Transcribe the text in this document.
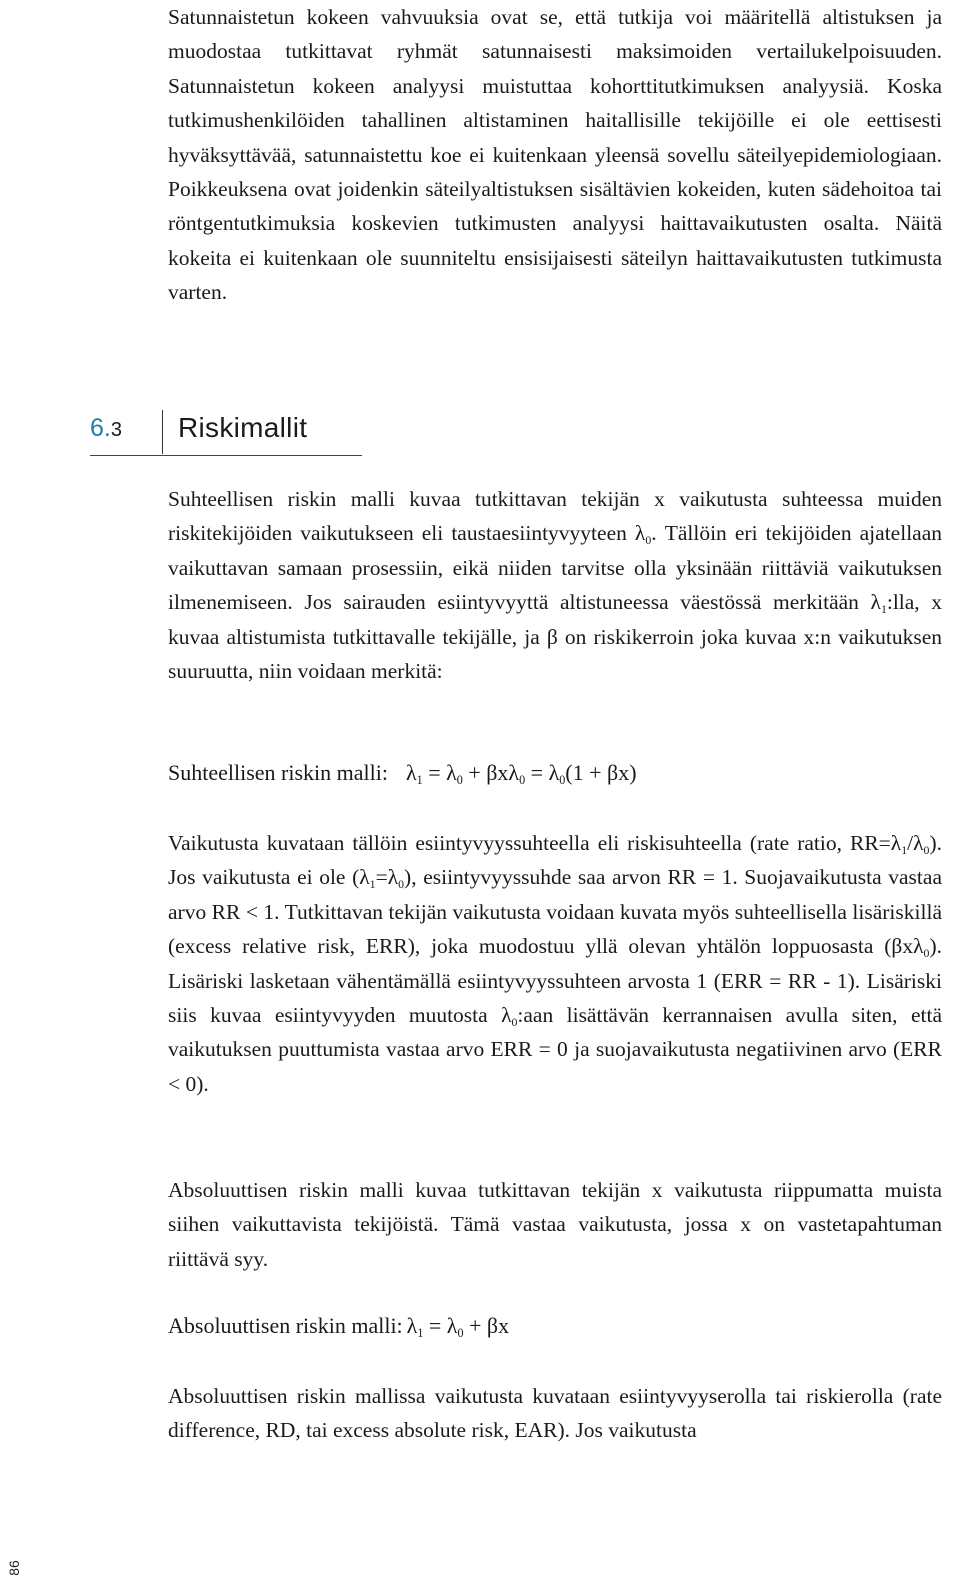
Satunnaistetun kokeen vahvuuksia ovat se, että tutkija voi määritellä altistuksen ja muodostaa tutkittavat ryhmät satunnaisesti maksimoiden vertailukelpoisuuden. Satunnaistetun kokeen analyysi muistuttaa kohorttitutkimuksen analyysiä. Koska tutkimushenkilöiden tahallinen altistaminen haitallisille tekijöille ei ole eettisesti hyväksyttävää, satunnaistettu koe ei kuitenkaan yleensä sovellu säteilyepidemiologiaan. Poikkeuksena ovat joidenkin säteilyaltistuksen sisältävien kokeiden, kuten sädehoitoa tai röntgentutkimuksia koskevien tutkimusten analyysi haittavaikutusten osalta. Näitä kokeita ei kuitenkaan ole suunniteltu ensisijaisesti säteilyn haittavaikutusten tutkimusta varten.

6.3 Riskimallit

Suhteellisen riskin malli kuvaa tutkittavan tekijän x vaikutusta suhteessa muiden riskitekijöiden vaikutukseen eli taustaesiintyvyyteen $\lambda_0$. Tällöin eri tekijöiden ajatellaan vaikuttavan samaan prosessiin, eikä niiden tarvitse olla yksinään riittäviä vaikutuksen ilmenemiseen. Jos sairauden esiintyvyyttä altistuneessa väestössä merkitään $\lambda_1:lla$, x kuvaa altistumista tutkittavalle tekijälle, ja β on riskikerroin joka kuvaa x:n vaikutuksen suuruutta, niin voidaan merkitä:

Suhteellisen riskin malli: $\lambda_1 = \lambda_0 + \beta x\lambda_0 = \lambda_0(1 + \beta x)$

Vaikutusta kuvataan tällöin esiintyvyyssuhteella eli riskisuhteella (rate ratio, $RR=\lambda_1/\lambda_0$). Jos vaikutusta ei ole $(\lambda_1=\lambda_0)$, esiintyvyyssuhde saa arvon RR = 1. Suojavaikutusta vastaa arvo RR < 1. Tutkittavan tekijän vaikutusta voidaan kuvata myös suhteellisella lisäriskillä (excess relative risk, ERR), joka muodostuu yllä olevan yhtälön loppuosasta (βxλ$_0$). Lisäriski lasketaan vähentämällä esiintyvyyssuhteen arvosta 1 (ERR = RR - 1). Lisäriski siis kuvaa esiintyvyyden muutosta $\lambda_0:aan$ lisättävän kerrannaisen avulla siten, että vaikutuksen puuttumista vastaa arvo ERR = 0 ja suojavaikutusta negatiivinen arvo (ERR < 0).

Absoluuttisen riskin malli kuvaa tutkittavan tekijän x vaikutusta riippumatta muista siihen vaikuttavista tekijöistä. Tämä vastaa vaikutusta, jossa x on vastetapahtuman riittävä syy.

Absoluuttisen riskin malli: $\lambda_1 = \lambda_0 + \beta x$

Absoluuttisen riskin mallissa vaikutusta kuvataan esiintyvyyserolla tai riskierolla (rate difference, RD, tai excess absolute risk, EAR). Jos vaikutusta

86
